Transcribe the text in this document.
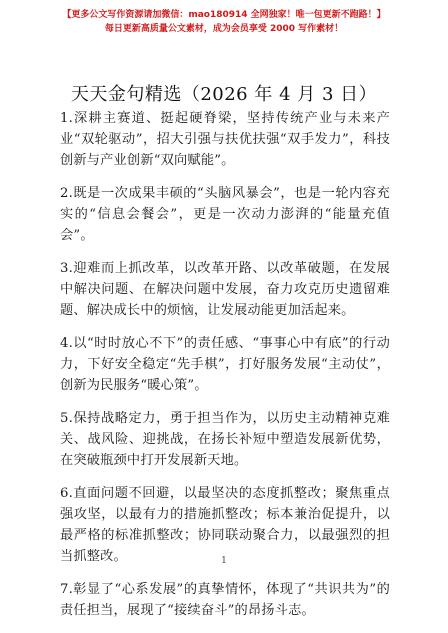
【更多公文写作资源请加微信：mao180914 全网独家！唯一包更新不跑路！】
每日更新高质量公文素材，成为会员享受 2000 写作素材！
天天金句精选（2026 年 4 月 3 日）

1.深耕主赛道、挺起硬脊梁，坚持传统产业与未来产业“双轮驱动”，招大引强与扶优扶强“双手发力”，科技创新与产业创新“双向赋能”。

2.既是一次成果丰硕的“头脑风暴会”，也是一轮内容充实的“信息会餐会”，更是一次动力澎湃的“能量充值会”。

3.迎难而上抓改革，以改革开路、以改革破题，在发展中解决问题、在解决问题中发展，奋力攻克历史遗留难题、解决成长中的烦恼，让发展动能更加活起来。

4.以“时时放心不下”的责任感、“事事心中有底”的行动力，下好安全稳定“先手棋”，打好服务发展“主动仗”，创新为民服务“暖心策”。

5.保持战略定力，勇于担当作为，以历史主动精神克难关、战风险、迎挑战，在扬长补短中塑造发展新优势，在突破瓶颈中打开发展新天地。

6.直面问题不回避，以最坚决的态度抓整改；聚焦重点强攻坚，以最有力的措施抓整改；标本兼治促提升，以最严格的标准抓整改；协同联动聚合力，以最强烈的担当抓整改。

7.彰显了“心系发展”的真挚情怀，体现了“共识共为”的责任担当，展现了“接续奋斗”的昂扬斗志。

1
